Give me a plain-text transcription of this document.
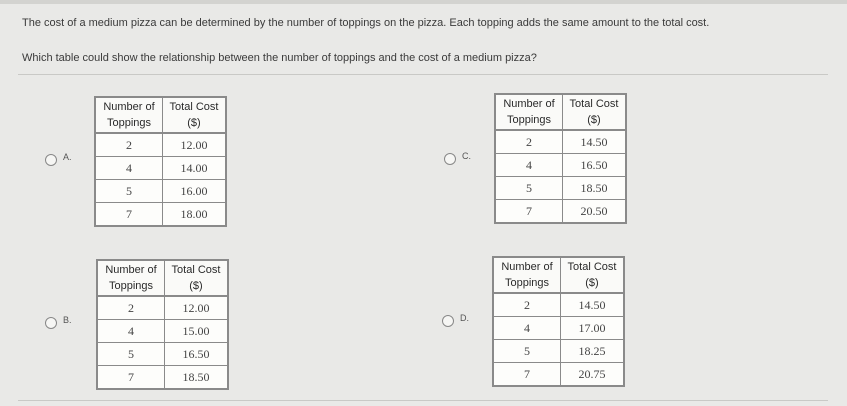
The cost of a medium pizza can be determined by the number of toppings on the pizza. Each topping adds the same amount to the total cost.
Which table could show the relationship between the number of toppings and the cost of a medium pizza?
A.
Number of Toppings	Total Cost ($)
2	12.00
4	14.00
5	16.00
7	18.00
B.
Number of Toppings	Total Cost ($)
2	12.00
4	15.00
5	16.50
7	18.50
C.
Number of Toppings	Total Cost ($)
2	14.50
4	16.50
5	18.50
7	20.50
D.
Number of Toppings	Total Cost ($)
2	14.50
4	17.00
5	18.25
7	20.75
